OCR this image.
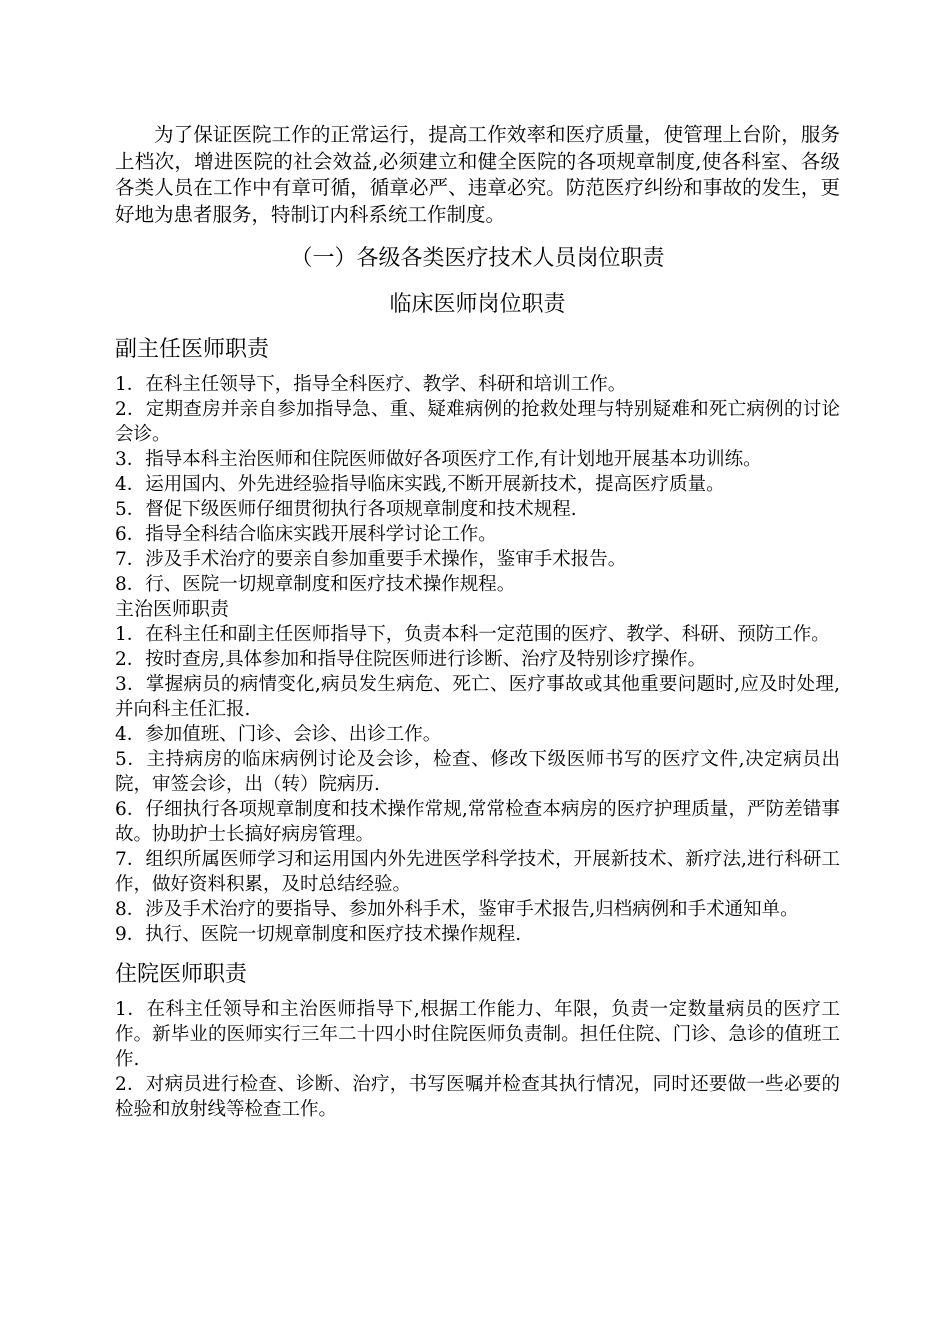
为了保证医院工作的正常运行，提高工作效率和医疗质量，使管理上台阶，服务上档次，增进医院的社会效益,必须建立和健全医院的各项规章制度,使各科室、各级各类人员在工作中有章可循，循章必严、违章必究。防范医疗纠纷和事故的发生，更好地为患者服务，特制订内科系统工作制度。

（一）各级各类医疗技术人员岗位职责
临床医师岗位职责
副主任医师职责
1．在科主任领导下，指导全科医疗、教学、科研和培训工作。
2．定期查房并亲自参加指导急、重、疑难病例的抢救处理与特别疑难和死亡病例的讨论会诊。
3．指导本科主治医师和住院医师做好各项医疗工作,有计划地开展基本功训练。
4．运用国内、外先进经验指导临床实践,不断开展新技术，提高医疗质量。
5．督促下级医师仔细贯彻执行各项规章制度和技术规程.
6．指导全科结合临床实践开展科学讨论工作。
7．涉及手术治疗的要亲自参加重要手术操作，鉴审手术报告。
8．行、医院一切规章制度和医疗技术操作规程。
主治医师职责
1．在科主任和副主任医师指导下，负责本科一定范围的医疗、教学、科研、预防工作。
2．按时查房,具体参加和指导住院医师进行诊断、治疗及特别诊疗操作。
3．掌握病员的病情变化,病员发生病危、死亡、医疗事故或其他重要问题时,应及时处理,并向科主任汇报.
4．参加值班、门诊、会诊、出诊工作。
5．主持病房的临床病例讨论及会诊，检查、修改下级医师书写的医疗文件,决定病员出院，审签会诊，出（转）院病历.
6．仔细执行各项规章制度和技术操作常规,常常检查本病房的医疗护理质量，严防差错事故。协助护士长搞好病房管理。
7．组织所属医师学习和运用国内外先进医学科学技术，开展新技术、新疗法,进行科研工作，做好资料积累，及时总结经验。
8．涉及手术治疗的要指导、参加外科手术，鉴审手术报告,归档病例和手术通知单。
9．执行、医院一切规章制度和医疗技术操作规程.
住院医师职责
1．在科主任领导和主治医师指导下,根据工作能力、年限，负责一定数量病员的医疗工作。新毕业的医师实行三年二十四小时住院医师负责制。担任住院、门诊、急诊的值班工作.
2．对病员进行检查、诊断、治疗，书写医嘱并检查其执行情况，同时还要做一些必要的检验和放射线等检查工作。
